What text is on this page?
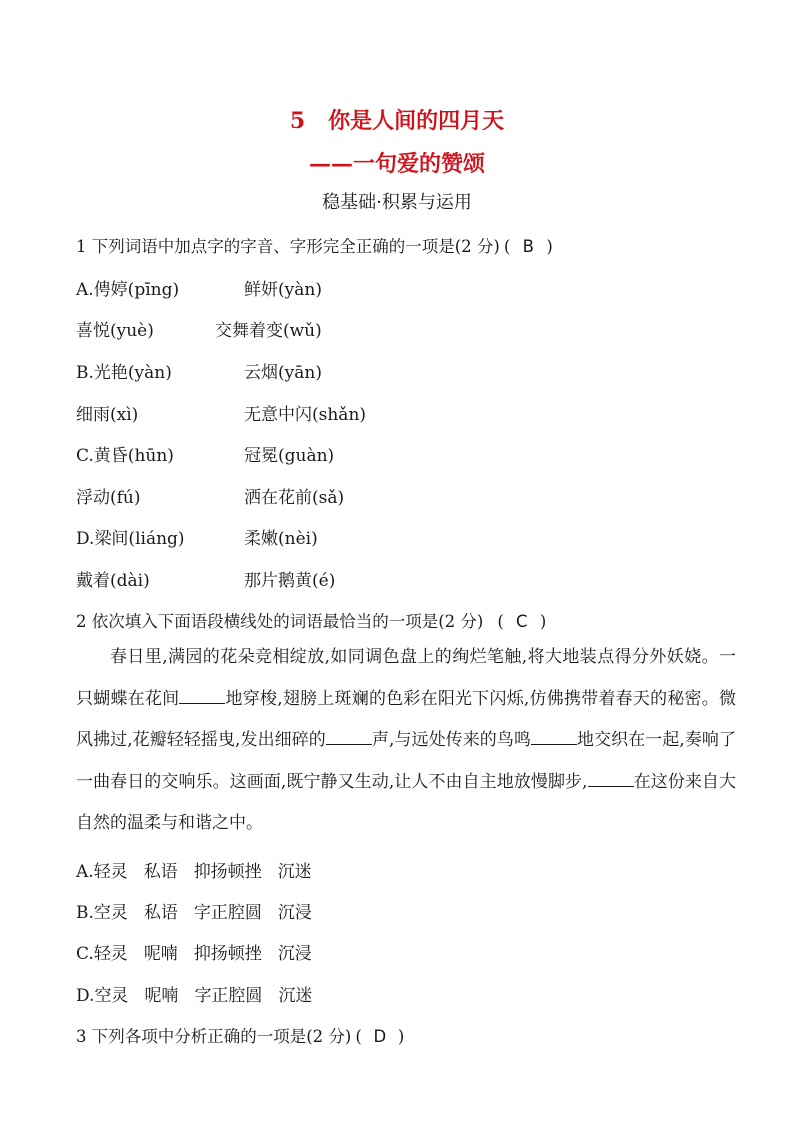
5 你是人间的四月天
——一句爱的赞颂
稳基础·积累与运用
1 下列词语中加点字的字音、字形完全正确的一项是(2 分) ( B )
A.俜婷(pīng)	鲜妍(yàn)
喜悦(yuè)	交舞着变(wǔ)
B.光艳(yàn)	云烟(yān)
细雨(xì)	无意中闪(shǎn)
C.黄昏(hūn)	冠冕(guàn)
浮动(fú)	洒在花前(sǎ)
D.梁间(liáng)	柔嫩(nèi)
戴着(dài)	那片鹅黄(é)
2 依次填入下面语段横线处的词语最恰当的一项是(2 分) ( C )
春日里,满园的花朵竞相绽放,如同调色盘上的绚烂笔触,将大地装点得分外妖娆。一只蝴蝶在花间	地穿梭,翅膀上斑斓的色彩在阳光下闪烁,仿佛携带着春天的秘密。微风拂过,花瓣轻轻摇曳,发出细碎的	声,与远处传来的鸟鸣	地交织在一起,奏响了一曲春日的交响乐。这画面,既宁静又生动,让人不由自主地放慢脚步,	在这份来自大自然的温柔与和谐之中。
A.轻灵 私语 抑扬顿挫 沉迷
B.空灵 私语 字正腔圆 沉浸
C.轻灵 呢喃 抑扬顿挫 沉浸
D.空灵 呢喃 字正腔圆 沉迷
3 下列各项中分析正确的一项是(2 分) ( D )
